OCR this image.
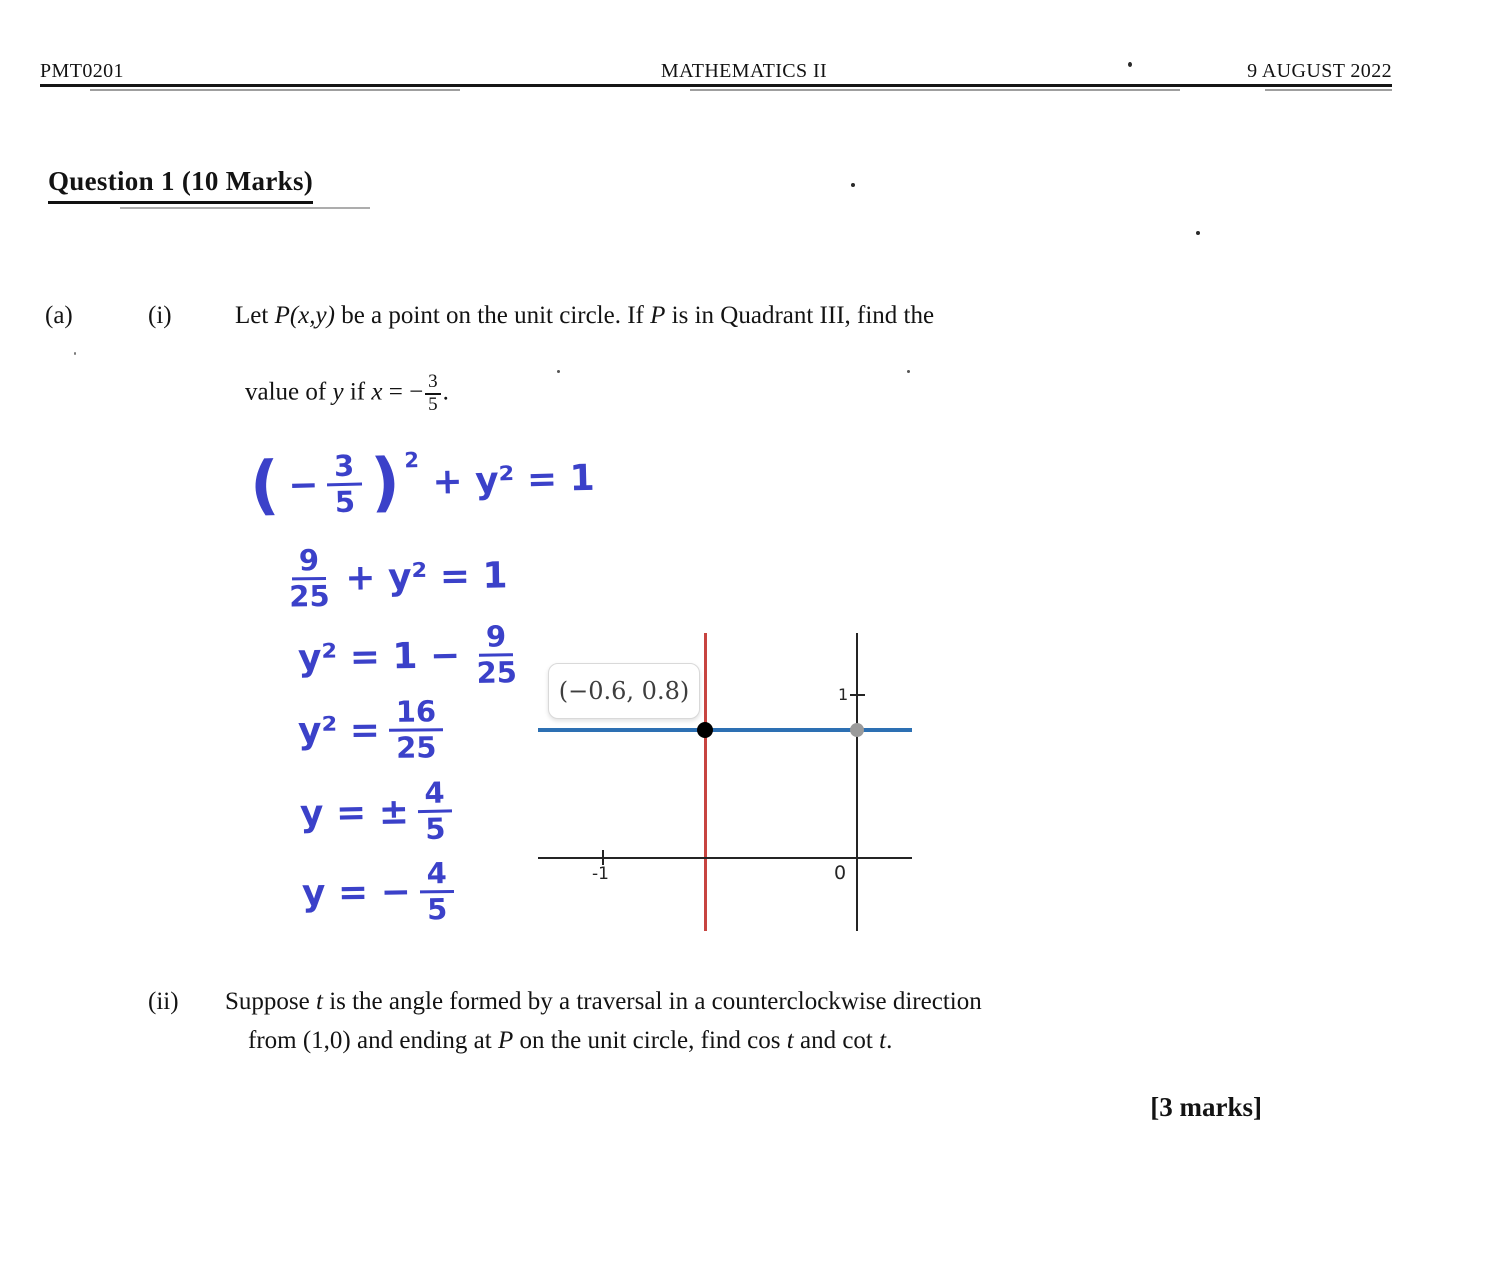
PMT0201	MATHEMATICS II	9 AUGUST 2022
Question 1 (10 Marks)
(a)	(i)	Let P(x,y) be a point on the unit circle. If P is in Quadrant III, find the
value of y if x = − $\frac{3}{5}$ .
( − $\frac{3}{5}$ ) 2 + y² = 1
$\frac{9}{25} + y^2 = 1$
$y^2 = 1 - \frac{9}{25}$
$y^2 = \frac{16}{25}$
y = ± $\frac{4}{5}$
y = − $\frac{4}{5}$	-1	0
1
(−0.6, 0.8)
(ii) Suppose t is the angle formed by a traversal in a counterclockwise direction
from (1,0) and ending at P on the unit circle, find cos t and cot t.
[3 marks]
